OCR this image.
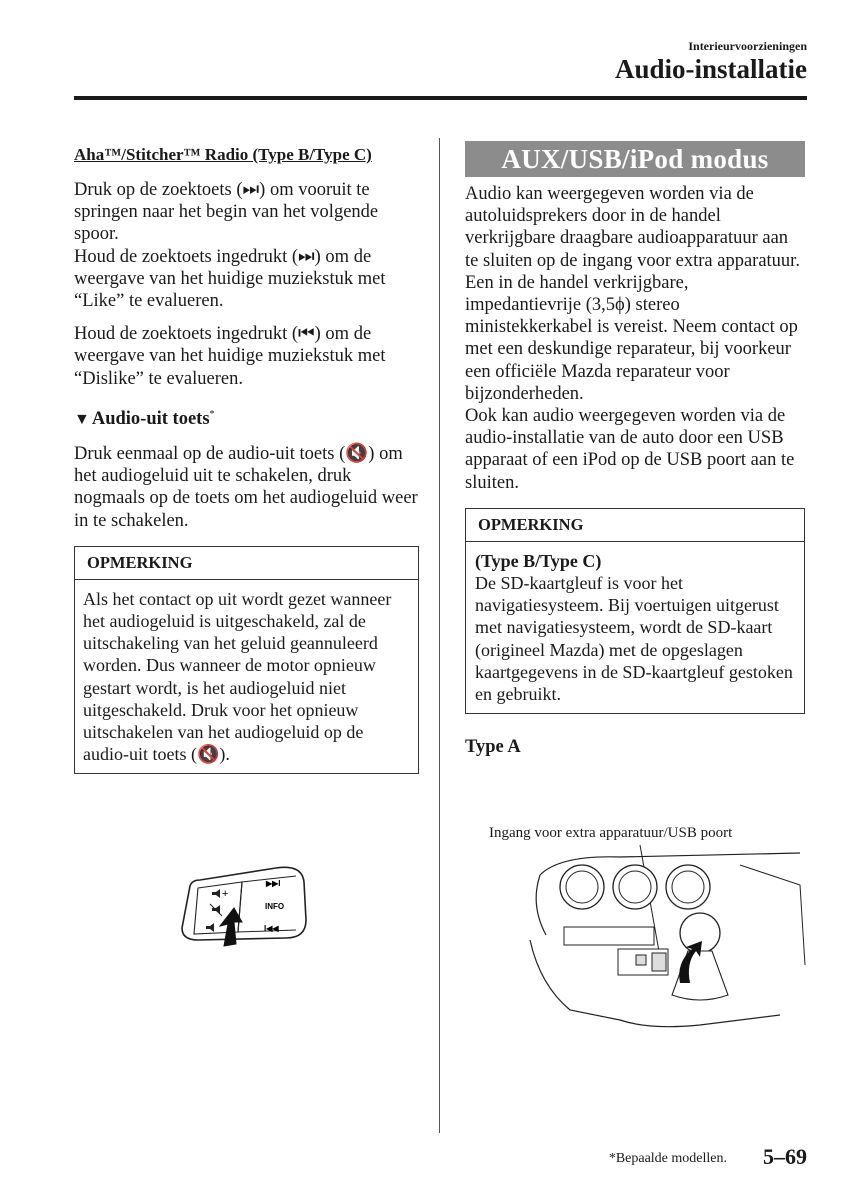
Interieurvoorzieningen
Audio-installatie
Aha™/Stitcher™ Radio (Type B/Type C)

Druk op de zoektoets (⏭) om vooruit te springen naar het begin van het volgende spoor.

Houd de zoektoets ingedrukt (⏭) om de weergave van het huidige muziekstuk met “Like” te evalueren.

Houd de zoektoets ingedrukt (⏮) om de weergave van het huidige muziekstuk met “Dislike” te evalueren.

▼ Audio-uit toets*

Druk eenmaal op de audio-uit toets (🔇) om het audiogeluid uit te schakelen, druk nogmaals op de toets om het audiogeluid weer in te schakelen.

OPMERKING
Als het contact op uit wordt gezet wanneer het audiogeluid is uitgeschakeld, zal de uitschakeling van het geluid geannuleerd worden. Dus wanneer de motor opnieuw gestart wordt, is het audiogeluid niet uitgeschakeld. Druk voor het opnieuw uitschakelen van het audiogeluid op de audio-uit toets (🔇).
+
▶▶I
INFO
I◀◀
AUX/USB/iPod modus

Audio kan weergegeven worden via de autoluidsprekers door in de handel verkrijgbare draagbare audioapparatuur aan te sluiten op de ingang voor extra apparatuur.

Een in de handel verkrijgbare, impedantievrije (3,5ϕ) stereo ministekkerkabel is vereist. Neem contact op met een deskundige reparateur, bij voorkeur een officiële Mazda reparateur voor bijzonderheden.

Ook kan audio weergegeven worden via de audio-installatie van de auto door een USB apparaat of een iPod op de USB poort aan te sluiten.

OPMERKING
(Type B/Type C)
De SD-kaartgleuf is voor het navigatiesysteem. Bij voertuigen uitgerust met navigatiesysteem, wordt de SD-kaart (origineel Mazda) met de opgeslagen kaartgegevens in de SD-kaartgleuf gestoken en gebruikt.
Type A
Ingang voor extra apparatuur/USB poort
*Bepaalde modellen. 5–69
